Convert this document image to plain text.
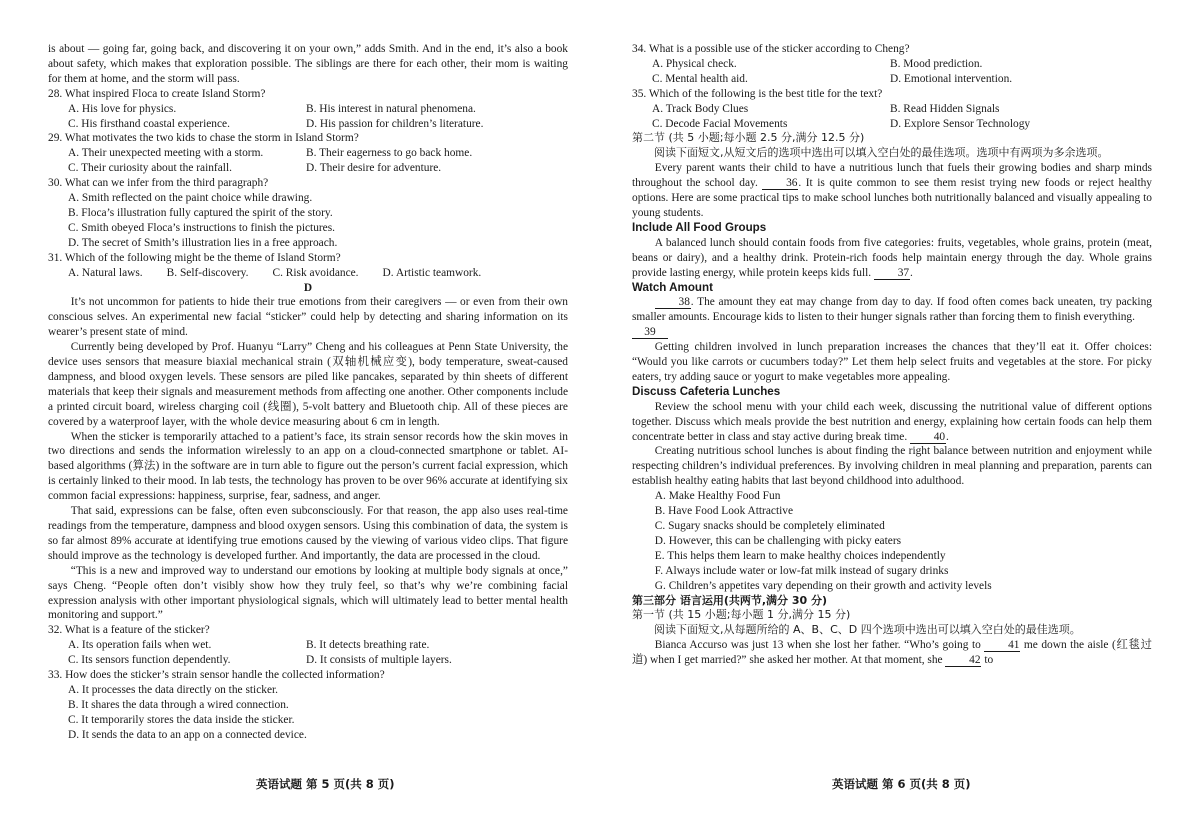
is about — going far, going back, and discovering it on your own,” adds Smith. And in the end, it’s also a book about safety, which makes that exploration possible. The siblings are there for each other, their mom is waiting for them at home, and the storm will pass.

28. What inspired Floca to create Island Storm?

A. His love for physics.	B. His interest in natural phenomena.
C. His firsthand coastal experience.	D. His passion for children’s literature.

29. What motivates the two kids to chase the storm in Island Storm?

A. Their unexpected meeting with a storm.	B. Their eagerness to go back home.
C. Their curiosity about the rainfall.	D. Their desire for adventure.

30. What can we infer from the third paragraph?

A. Smith reflected on the paint choice while drawing.

B. Floca’s illustration fully captured the spirit of the story.

C. Smith obeyed Floca’s instructions to finish the pictures.

D. The secret of Smith’s illustration lies in a free approach.

31. Which of the following might be the theme of Island Storm?

A. Natural laws. B. Self-discovery. C. Risk avoidance. D. Artistic teamwork.

D

It’s not uncommon for patients to hide their true emotions from their caregivers — or even from their own conscious selves. An experimental new facial “sticker” could help by detecting and sharing information on its wearer’s present state of mind.

Currently being developed by Prof. Huanyu “Larry” Cheng and his colleagues at Penn State University, the device uses sensors that measure biaxial mechanical strain (双轴机械应变), body temperature, sweat-caused dampness, and blood oxygen levels. These sensors are piled like pancakes, separated by thin sheets of different materials that keep their signals and measurement methods from affecting one another. Other components include a printed circuit board, wireless charging coil (线圈), 5-volt battery and Bluetooth chip. All of these pieces are covered by a waterproof layer, with the whole device measuring about 6 cm in length.

When the sticker is temporarily attached to a patient’s face, its strain sensor records how the skin moves in two directions and sends the information wirelessly to an app on a cloud-connected smartphone or tablet. AI-based algorithms (算法) in the software are in turn able to figure out the person’s current facial expression, which is certainly linked to their mood. In lab tests, the technology has proven to be over 96% accurate at identifying six common facial expressions: happiness, surprise, fear, sadness, and anger.

That said, expressions can be false, often even subconsciously. For that reason, the app also uses real-time readings from the temperature, dampness and blood oxygen sensors. Using this combination of data, the system is so far almost 89% accurate at identifying true emotions caused by the viewing of various video clips. That figure should improve as the technology is developed further. And importantly, the data are processed in the cloud.

“This is a new and improved way to understand our emotions by looking at multiple body signals at once,” says Cheng. “People often don’t visibly show how they truly feel, so that’s why we’re combining facial expression analysis with other important physiological signals, which will ultimately lead to better mental health monitoring and support.”

32. What is a feature of the sticker?

A. Its operation fails when wet.	B. It detects breathing rate.
C. Its sensors function dependently.	D. It consists of multiple layers.

33. How does the sticker’s strain sensor handle the collected information?

A. It processes the data directly on the sticker.

B. It shares the data through a wired connection.

C. It temporarily stores the data inside the sticker.

D. It sends the data to an app on a connected device.

英语试题 第 5 页(共 8 页)

34. What is a possible use of the sticker according to Cheng?

A. Physical check.	B. Mood prediction.
C. Mental health aid.	D. Emotional intervention.

35. Which of the following is the best title for the text?

A. Track Body Clues	B. Read Hidden Signals
C. Decode Facial Movements	D. Explore Sensor Technology

第二节 (共 5 小题;每小题 2.5 分,满分 12.5 分)

阅读下面短文,从短文后的选项中选出可以填入空白处的最佳选项。选项中有两项为多余选项。

Every parent wants their child to have a nutritious lunch that fuels their growing bodies and sharp minds throughout the school day. 36. It is quite common to see them resist trying new foods or reject healthy options. Here are some practical tips to make school lunches both nutritionally balanced and visually appealing to young students.

Include All Food Groups

A balanced lunch should contain foods from five categories: fruits, vegetables, whole grains, protein (meat, beans or dairy), and a healthy drink. Protein-rich foods help maintain energy through the day. Whole grains provide lasting energy, while protein keeps kids full. 37.

Watch Amount

38. The amount they eat may change from day to day. If food often comes back uneaten, try packing smaller amounts. Encourage kids to listen to their hunger signals rather than forcing them to finish everything.

39

Getting children involved in lunch preparation increases the chances that they’ll eat it. Offer choices: “Would you like carrots or cucumbers today?” Let them help select fruits and vegetables at the store. For picky eaters, try adding sauce or yogurt to make vegetables more appealing.

Discuss Cafeteria Lunches

Review the school menu with your child each week, discussing the nutritional value of different options together. Discuss which meals provide the best nutrition and energy, explaining how certain foods can help them concentrate better in class and stay active during break time. 40.

Creating nutritious school lunches is about finding the right balance between nutrition and enjoyment while respecting children’s individual preferences. By involving children in meal planning and preparation, parents can establish healthy eating habits that last beyond childhood into adulthood.

A. Make Healthy Food Fun

B. Have Food Look Attractive

C. Sugary snacks should be completely eliminated

D. However, this can be challenging with picky eaters

E. This helps them learn to make healthy choices independently

F. Always include water or low-fat milk instead of sugary drinks

G. Children’s appetites vary depending on their growth and activity levels

第三部分 语言运用(共两节,满分 30 分)

第一节 (共 15 小题;每小题 1 分,满分 15 分)

阅读下面短文,从每题所给的 A、B、C、D 四个选项中选出可以填入空白处的最佳选项。

Bianca Accurso was just 13 when she lost her father. “Who’s going to 41 me down the aisle (红毯过道) when I get married?” she asked her mother. At that moment, she 42 to

英语试题 第 6 页(共 8 页)
